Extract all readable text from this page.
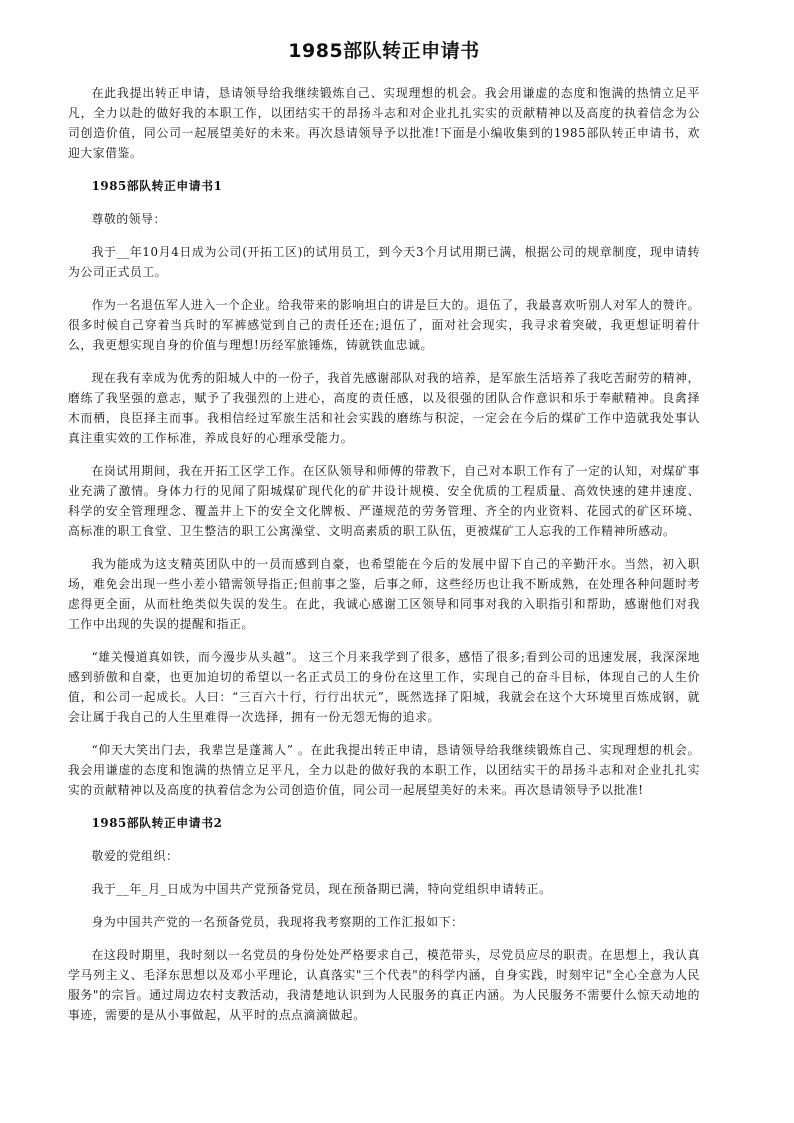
1985部队转正申请书

在此我提出转正申请，恳请领导给我继续锻炼自己、实现理想的机会。我会用谦虚的态度和饱满的热情立足平凡，全力以赴的做好我的本职工作，以团结实干的昂扬斗志和对企业扎扎实实的贡献精神以及高度的执着信念为公司创造价值，同公司一起展望美好的未来。再次恳请领导予以批准!下面是小编收集到的1985部队转正申请书，欢迎大家借鉴。

1985部队转正申请书1

尊敬的领导：

我于__年10月4日成为公司(开拓工区)的试用员工，到今天3个月试用期已满，根据公司的规章制度，现申请转为公司正式员工。

作为一名退伍军人进入一个企业。给我带来的影响坦白的讲是巨大的。退伍了，我最喜欢听别人对军人的赞许。很多时候自己穿着当兵时的军裤感觉到自己的责任还在;退伍了，面对社会现实，我寻求着突破，我更想证明着什么，我更想实现自身的价值与理想!历经军旅锤炼，铸就铁血忠诚。

现在我有幸成为优秀的阳城人中的一份子，我首先感谢部队对我的培养，是军旅生活培养了我吃苦耐劳的精神，磨练了我坚强的意志，赋予了我强烈的上进心，高度的责任感，以及很强的团队合作意识和乐于奉献精神。良禽择木而栖，良臣择主而事。我相信经过军旅生活和社会实践的磨练与积淀，一定会在今后的煤矿工作中造就我处事认真注重实效的工作标准，养成良好的心理承受能力。

在岗试用期间，我在开拓工区学工作。在区队领导和师傅的带教下，自己对本职工作有了一定的认知，对煤矿事业充满了激情。身体力行的见闻了阳城煤矿现代化的矿井设计规模、安全优质的工程质量、高效快速的建井速度、科学的安全管理理念、覆盖井上下的安全文化牌板、严谨规范的劳务管理、齐全的内业资料、花园式的矿区环境、高标准的职工食堂、卫生整洁的职工公寓澡堂、文明高素质的职工队伍，更被煤矿工人忘我的工作精神所感动。

我为能成为这支精英团队中的一员而感到自豪，也希望能在今后的发展中留下自己的辛勤汗水。当然，初入职场，难免会出现一些小差小错需领导指正;但前事之鉴，后事之师，这些经历也让我不断成熟，在处理各种问题时考虑得更全面，从而杜绝类似失误的发生。在此，我诚心感谢工区领导和同事对我的入职指引和帮助，感谢他们对我工作中出现的失误的提醒和指正。

“雄关慢道真如铁，而今漫步从头越”。 这三个月来我学到了很多，感悟了很多;看到公司的迅速发展，我深深地感到骄傲和自豪，也更加迫切的希望以一名正式员工的身份在这里工作，实现自己的奋斗目标，体现自己的人生价值，和公司一起成长。人曰：“三百六十行，行行出状元”，既然选择了阳城，我就会在这个大环境里百炼成钢，就会让属于我自己的人生里难得一次选择，拥有一份无怨无悔的追求。

“仰天大笑出门去，我辈岂是蓬蒿人” 。在此我提出转正申请，恳请领导给我继续锻炼自己、实现理想的机会。我会用谦虚的态度和饱满的热情立足平凡，全力以赴的做好我的本职工作，以团结实干的昂扬斗志和对企业扎扎实实的贡献精神以及高度的执着信念为公司创造价值，同公司一起展望美好的未来。再次恳请领导予以批准!

1985部队转正申请书2

敬爱的党组织：

我于__年_月_日成为中国共产党预备党员，现在预备期已满，特向党组织申请转正。

身为中国共产党的一名预备党员，我现将我考察期的工作汇报如下：

在这段时期里，我时刻以一名党员的身份处处严格要求自己，模范带头，尽党员应尽的职责。在思想上，我认真学马列主义、毛泽东思想以及邓小平理论，认真落实"三个代表"的科学内涵，自身实践，时刻牢记"全心全意为人民服务"的宗旨。通过周边农村支教活动，我清楚地认识到为人民服务的真正内涵。为人民服务不需要什么惊天动地的事迹，需要的是从小事做起，从平时的点点滴滴做起。
